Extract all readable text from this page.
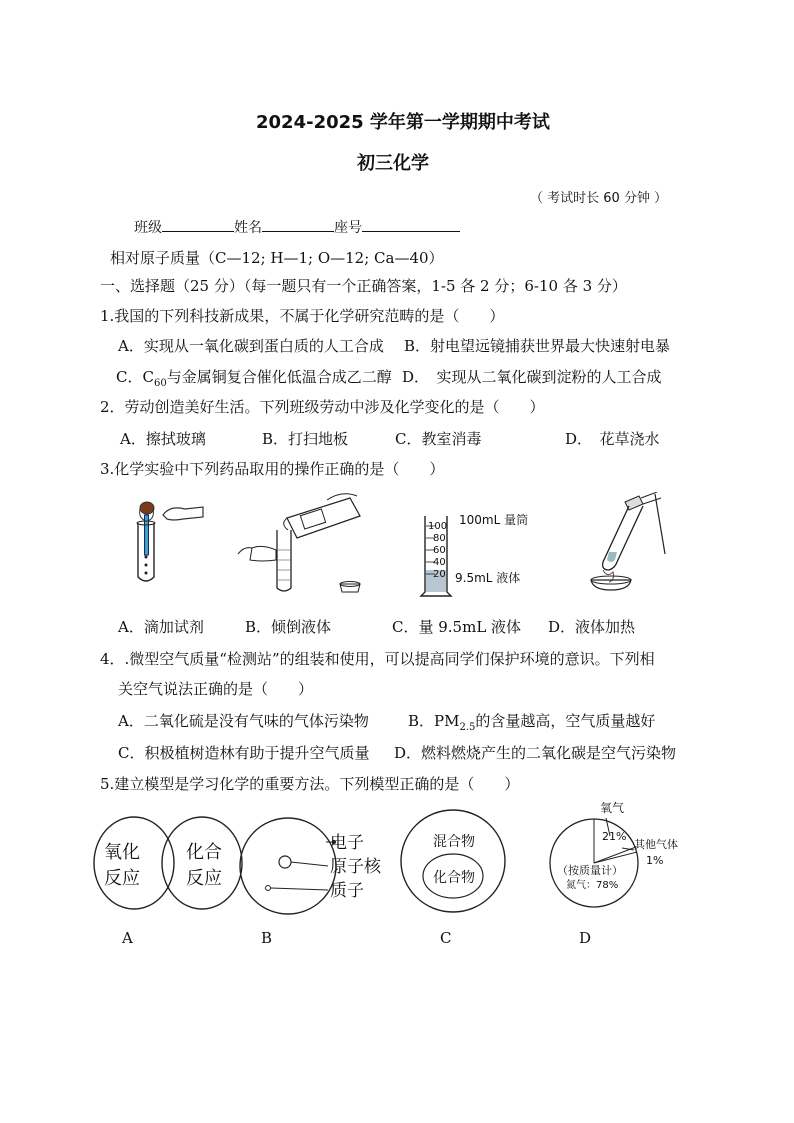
2024-2025 学年第一学期期中考试
初三化学
（ 考试时长 60 分钟 ）
班级	姓名	座号
相对原子质量（C—12; H—1; O—12; Ca—40）
一、选择题（25 分）（每一题只有一个正确答案，1-5 各 2 分；6-10 各 3 分）
1.我国的下列科技新成果，不属于化学研究范畴的是（　　）
A．实现从一氧化碳到蛋白质的人工合成 B．射电望远镜捕获世界最大快速射电暴
C．$C_{60}$与金属铜复合催化低温合成乙二醇 D．　实现从二氧化碳到淀粉的人工合成
2．劳动创造美好生活。下列班级劳动中涉及化学变化的是（　　）
A．擦拭玻璃	B．打扫地板	C．教室消毒	D．　花草浇水
3.化学实验中下列药品取用的操作正确的是（　　）
100
80
60
40
20
100mL 量筒
9.5mL 液体
A．滴加试剂	B．倾倒液体	C．量 9.5mL 液体 D．液体加热
4．.微型空气质量“检测站”的组装和使用，可以提高同学们保护环境的意识。下列相
关空气说法正确的是（　　）
A．二氧化硫是没有气味的气体污染物	B．$PM_{2.5}$的含量越高，空气质量越好
C．积极植树造林有助于提升空气质量 D．燃料燃烧产生的二氧化碳是空气污染物
5.建立模型是学习化学的重要方法。下列模型正确的是（　　）
氧化
反应
化合
反应
电子
原子核
质子
混合物
化合物
氧气
21%
其他气体
1%
（按质量计）
氮气：78%
A	B	C	D
